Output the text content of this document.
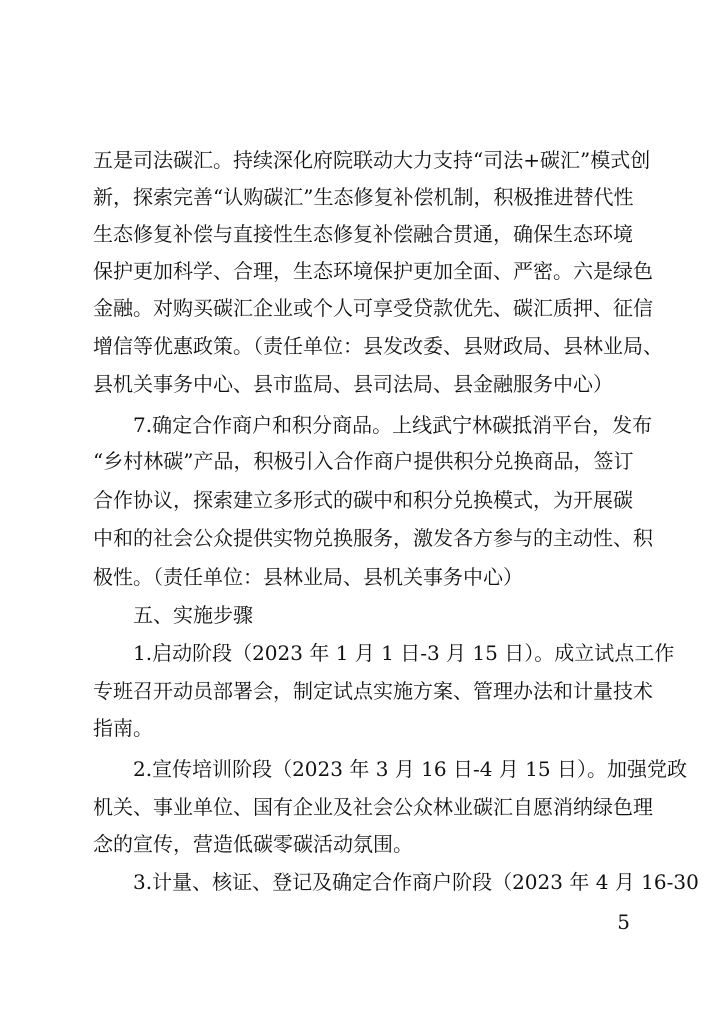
五是司法碳汇。持续深化府院联动大力支持“司法+碳汇”模式创
新，探索完善“认购碳汇”生态修复补偿机制，积极推进替代性
生态修复补偿与直接性生态修复补偿融合贯通，确保生态环境
保护更加科学、合理，生态环境保护更加全面、严密。六是绿色
金融。对购买碳汇企业或个人可享受贷款优先、碳汇质押、征信
增信等优惠政策。（责任单位：县发改委、县财政局、县林业局、
县机关事务中心、县市监局、县司法局、县金融服务中心）
7.确定合作商户和积分商品。上线武宁林碳抵消平台，发布
“乡村林碳”产品，积极引入合作商户提供积分兑换商品，签订
合作协议，探索建立多形式的碳中和积分兑换模式，为开展碳
中和的社会公众提供实物兑换服务，激发各方参与的主动性、积
极性。（责任单位：县林业局、县机关事务中心）
五、实施步骤
1.启动阶段（2023 年 1 月 1 日-3 月 15 日）。成立试点工作
专班召开动员部署会，制定试点实施方案、管理办法和计量技术
指南。
2.宣传培训阶段（2023 年 3 月 16 日-4 月 15 日）。加强党政
机关、事业单位、国有企业及社会公众林业碳汇自愿消纳绿色理
念的宣传，营造低碳零碳活动氛围。
3.计量、核证、登记及确定合作商户阶段（2023 年 4 月 16-30
5
